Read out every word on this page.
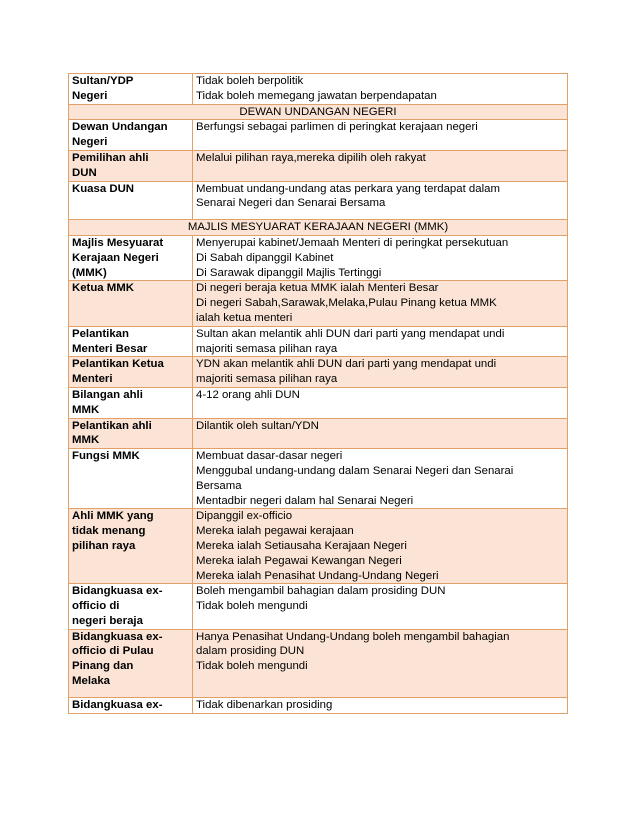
Sultan/YDP
Negeri	Tidak boleh berpolitik
Tidak boleh memegang jawatan berpendapatan

DEWAN UNDANGAN NEGERI	

Dewan Undangan
Negeri	Berfungsi sebagai parlimen di peringkat kerajaan negeri

Pemilihan ahli
DUN	Melalui pilihan raya,mereka dipilih oleh rakyat

Kuasa DUN	Membuat undang-undang atas perkara yang terdapat dalam
Senarai Negeri dan Senarai Bersama

MAJLIS MESYUARAT KERAJAAN NEGERI (MMK)	

Majlis Mesyuarat
Kerajaan Negeri
(MMK)	Menyerupai kabinet/Jemaah Menteri di peringkat persekutuan
Di Sabah dipanggil Kabinet
Di Sarawak dipanggil Majlis Tertinggi

Ketua MMK	Di negeri beraja ketua MMK ialah Menteri Besar
Di negeri Sabah,Sarawak,Melaka,Pulau Pinang ketua MMK
ialah ketua menteri

Pelantikan
Menteri Besar	Sultan akan melantik ahli DUN dari parti yang mendapat undi
majoriti semasa pilihan raya

Pelantikan Ketua
Menteri	YDN akan melantik ahli DUN dari parti yang mendapat undi
majoriti semasa pilihan raya

Bilangan ahli
MMK	4-12 orang ahli DUN

Pelantikan ahli
MMK	Dilantik oleh sultan/YDN

Fungsi MMK	Membuat dasar-dasar negeri
Menggubal undang-undang dalam Senarai Negeri dan Senarai
Bersama
Mentadbir negeri dalam hal Senarai Negeri

Ahli MMK yang
tidak menang
pilihan raya	Dipanggil ex-officio
Mereka ialah pegawai kerajaan
Mereka ialah Setiausaha Kerajaan Negeri
Mereka ialah Pegawai Kewangan Negeri
Mereka ialah Penasihat Undang-Undang Negeri

Bidangkuasa ex-
officio di
negeri beraja	Boleh mengambil bahagian dalam prosiding DUN
Tidak boleh mengundi

Bidangkuasa ex-
officio di Pulau
Pinang dan
Melaka	Hanya Penasihat Undang-Undang boleh mengambil bahagian
dalam prosiding DUN
Tidak boleh mengundi

Bidangkuasa ex-	Tidak dibenarkan prosiding
